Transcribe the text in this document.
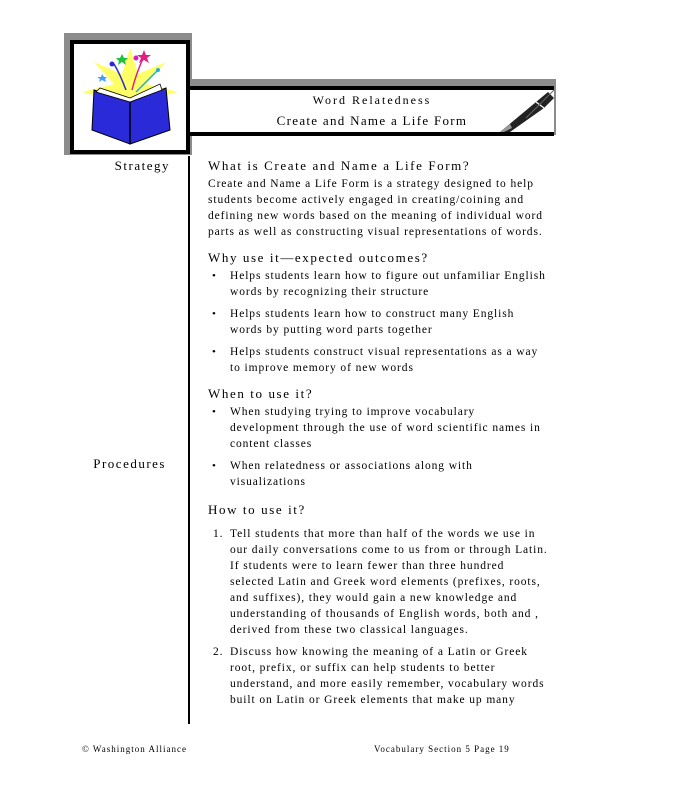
Word Relatedness
Create and Name a Life Form
Strategy
Procedures
What is Create and Name a Life Form?
Create and Name a Life Form is a strategy designed to help students become actively engaged in creating/coining and defining new words based on the meaning of individual word parts as well as constructing visual representations of words.
Why use it—expected outcomes?
• Helps students learn how to figure out unfamiliar English words by recognizing their structure
• Helps students learn how to construct many English words by putting word parts together
• Helps students construct visual representations as a way to improve memory of new words
When to use it?
• When studying trying to improve vocabulary development through the use of word scientific names in content classes
• When relatedness or associations along with visualizations
How to use it?
1. Tell students that more than half of the words we use in our daily conversations come to us from or through Latin. If students were to learn fewer than three hundred selected Latin and Greek word elements (prefixes, roots, and suffixes), they would gain a new knowledge and understanding of thousands of English words, both and , derived from these two classical languages.
2. Discuss how knowing the meaning of a Latin or Greek root, prefix, or suffix can help students to better understand, and more easily remember, vocabulary words built on Latin or Greek elements that make up many
© Washington Alliance	Vocabulary Section 5 Page 19
